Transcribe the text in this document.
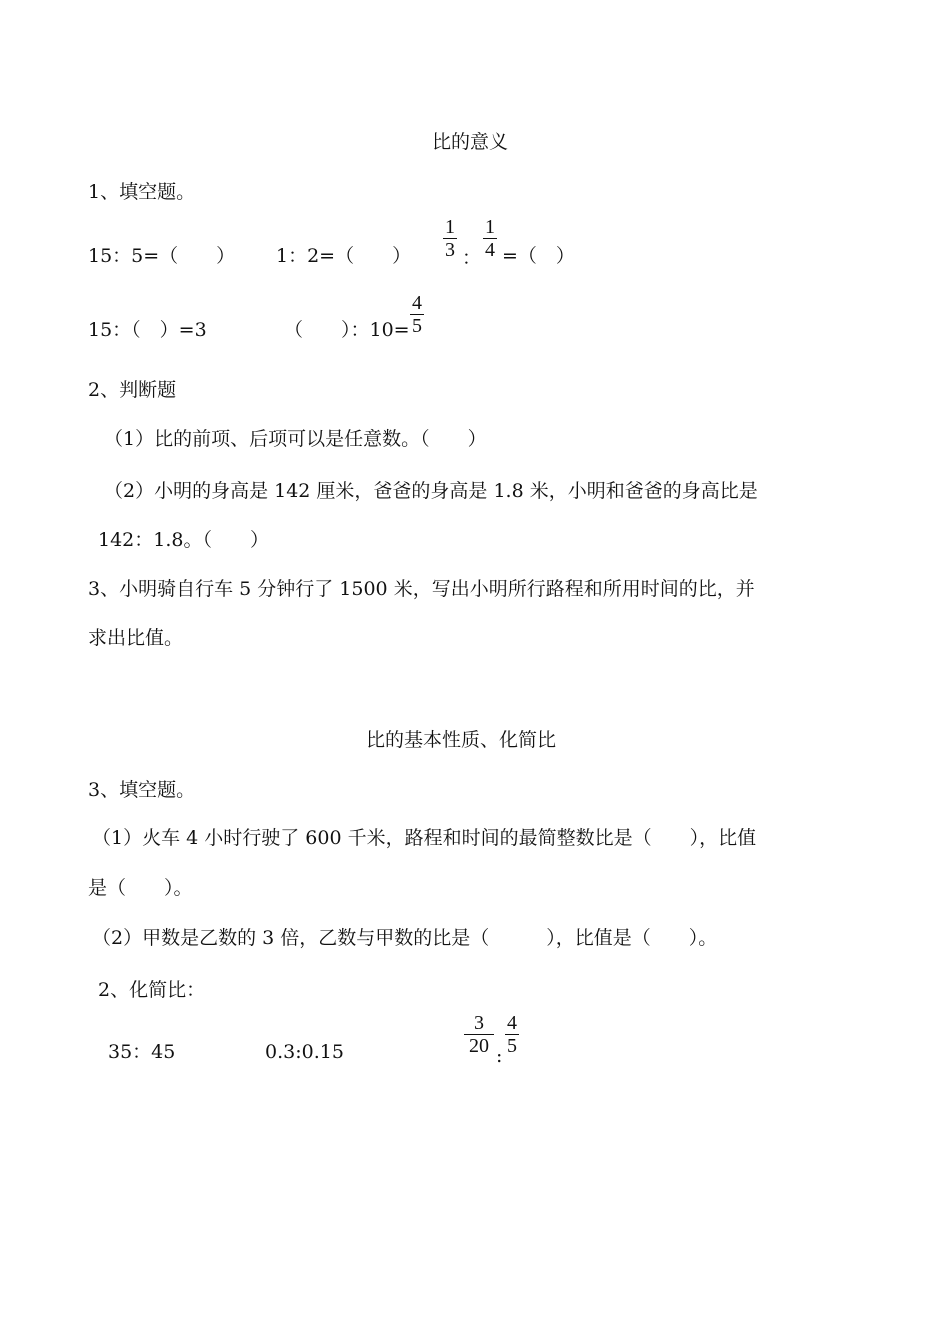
比的意义
1、填空题。
15：5=（　　） 1：2=（　　） $\frac{1}{3}$ ： $\frac{1}{4}$ =（　）
15：（　）=3	（　　）：$10= \frac{4}{5}$
2、判断题
（1）比的前项、后项可以是任意数。（　　）
（2）小明的身高是 142 厘米，爸爸的身高是 1.8 米，小明和爸爸的身高比是
142：1.8。（　　）
3、小明骑自行车 5 分钟行了 1500 米，写出小明所行路程和所用时间的比，并
求出比值。
比的基本性质、化简比
3、填空题。
（1）火车 4 小时行驶了 600 千米，路程和时间的最简整数比是（　　），比值
是（　　）。
（2）甲数是乙数的 3 倍，乙数与甲数的比是（　　　），比值是（　　）。
2、化简比：
35：45	0.3:0.15	$\frac{3}{20}$ : $\frac{4}{5}$
